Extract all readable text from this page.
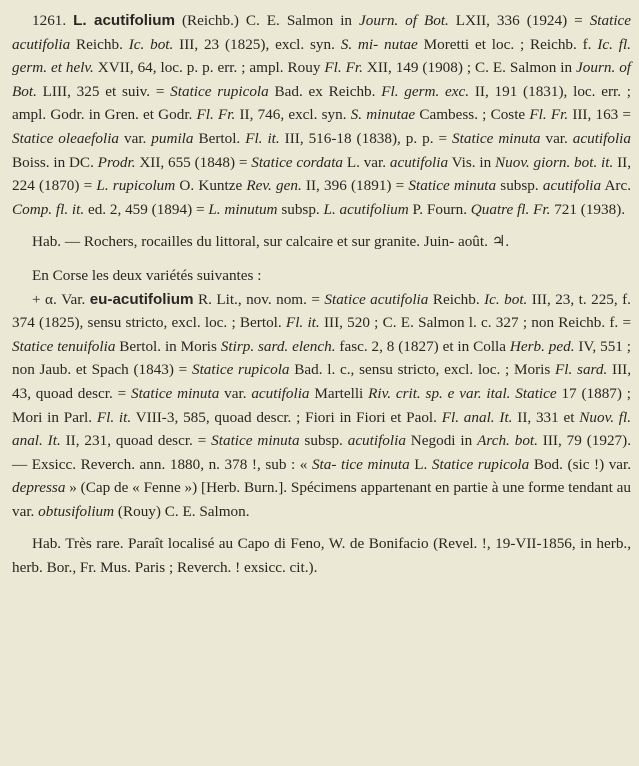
1261. L. acutifolium (Reichb.) C. E. Salmon in Journ. of Bot. LXII, 336 (1924) = Statice acutifolia Reichb. Ic. bot. III, 23 (1825), excl. syn. S. mi- nutae Moretti et loc. ; Reichb. f. Ic. fl. germ. et helv. XVII, 64, loc. p. p. err. ; ampl. Rouy Fl. Fr. XII, 149 (1908) ; C. E. Salmon in Journ. of Bot. LIII, 325 et suiv. = Statice rupicola Bad. ex Reichb. Fl. germ. exc. II, 191 (1831), loc. err. ; ampl. Godr. in Gren. et Godr. Fl. Fr. II, 746, excl. syn. S. minutae Cambess. ; Coste Fl. Fr. III, 163 = Statice oleaefolia var. pumila Bertol. Fl. it. III, 516-18 (1838), p. p. = Statice minuta var. acutifolia Boiss. in DC. Prodr. XII, 655 (1848) = Statice cordata L. var. acutifolia Vis. in Nuov. giorn. bot. it. II, 224 (1870) = L. rupicolum O. Kuntze Rev. gen. II, 396 (1891) = Statice minuta subsp. acutifolia Arc. Comp. fl. it. ed. 2, 459 (1894) = L. minutum subsp. L. acutifolium P. Fourn. Quatre fl. Fr. 721 (1938).

Hab. — Rochers, rocailles du littoral, sur calcaire et sur granite. Juin- août. ♃.

En Corse les deux variétés suivantes :

+ α. Var. eu-acutifolium R. Lit., nov. nom. = Statice acutifolia Reichb. Ic. bot. III, 23, t. 225, f. 374 (1825), sensu stricto, excl. loc. ; Bertol. Fl. it. III, 520 ; C. E. Salmon l. c. 327 ; non Reichb. f. = Statice tenuifolia Bertol. in Moris Stirp. sard. elench. fasc. 2, 8 (1827) et in Colla Herb. ped. IV, 551 ; non Jaub. et Spach (1843) = Statice rupicola Bad. l. c., sensu stricto, excl. loc. ; Moris Fl. sard. III, 43, quoad descr. = Statice minuta var. acutifolia Martelli Riv. crit. sp. e var. ital. Statice 17 (1887) ; Mori in Parl. Fl. it. VIII-3, 585, quoad descr. ; Fiori in Fiori et Paol. Fl. anal. It. II, 331 et Nuov. fl. anal. It. II, 231, quoad descr. = Statice minuta subsp. acutifolia Negodi in Arch. bot. III, 79 (1927). — Exsicc. Reverch. ann. 1880, n. 378 !, sub : « Sta- tice minuta L. Statice rupicola Bod. (sic !) var. depressa » (Cap de « Fenne ») [Herb. Burn.]. Spécimens appartenant en partie à une forme tendant au var. obtusifolium (Rouy) C. E. Salmon.

Hab. Très rare. Paraît localisé au Capo di Feno, W. de Bonifacio (Revel. !, 19-VII-1856, in herb., herb. Bor., Fr. Mus. Paris ; Reverch. ! exsicc. cit.).
